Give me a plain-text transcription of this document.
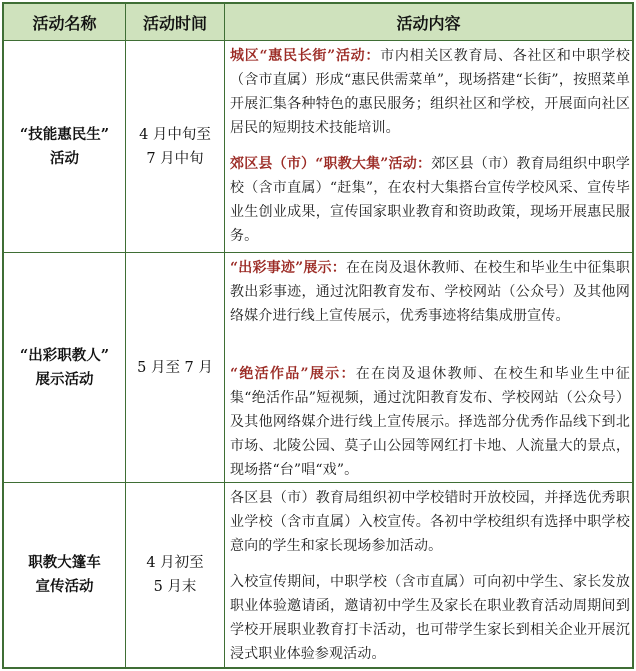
活动名称	活动时间	活动内容
“技能惠民生”
活动
4 月中旬至
7 月中旬
城区“惠民长街”活动：市内相关区教育局、各社区和中职学校（含市直属）形成“惠民供需菜单”，现场搭建“长街”，按照菜单开展汇集各种特色的惠民服务；组织社区和学校，开展面向社区居民的短期技术技能培训。
郊区县（市）“职教大集”活动：郊区县（市）教育局组织中职学校（含市直属）“赶集”，在农村大集搭台宣传学校风采、宣传毕业生创业成果，宣传国家职业教育和资助政策，现场开展惠民服务。
“出彩职教人”
展示活动
5 月至 7 月
“出彩事迹”展示：在在岗及退休教师、在校生和毕业生中征集职教出彩事迹，通过沈阳教育发布、学校网站（公众号）及其他网络媒介进行线上宣传展示，优秀事迹将结集成册宣传。
“绝活作品”展示：在在岗及退休教师、在校生和毕业生中征集“绝活作品”短视频，通过沈阳教育发布、学校网站（公众号）及其他网络媒介进行线上宣传展示。择选部分优秀作品线下到北市场、北陵公园、莫子山公园等网红打卡地、人流量大的景点，现场搭“台”唱“戏”。
职教大篷车
宣传活动
4 月初至
5 月末
各区县（市）教育局组织初中学校错时开放校园，并择选优秀职业学校（含市直属）入校宣传。各初中学校组织有选择中职学校意向的学生和家长现场参加活动。
入校宣传期间，中职学校（含市直属）可向初中学生、家长发放职业体验邀请函，邀请初中学生及家长在职业教育活动周期间到学校开展职业教育打卡活动，也可带学生家长到相关企业开展沉浸式职业体验参观活动。
